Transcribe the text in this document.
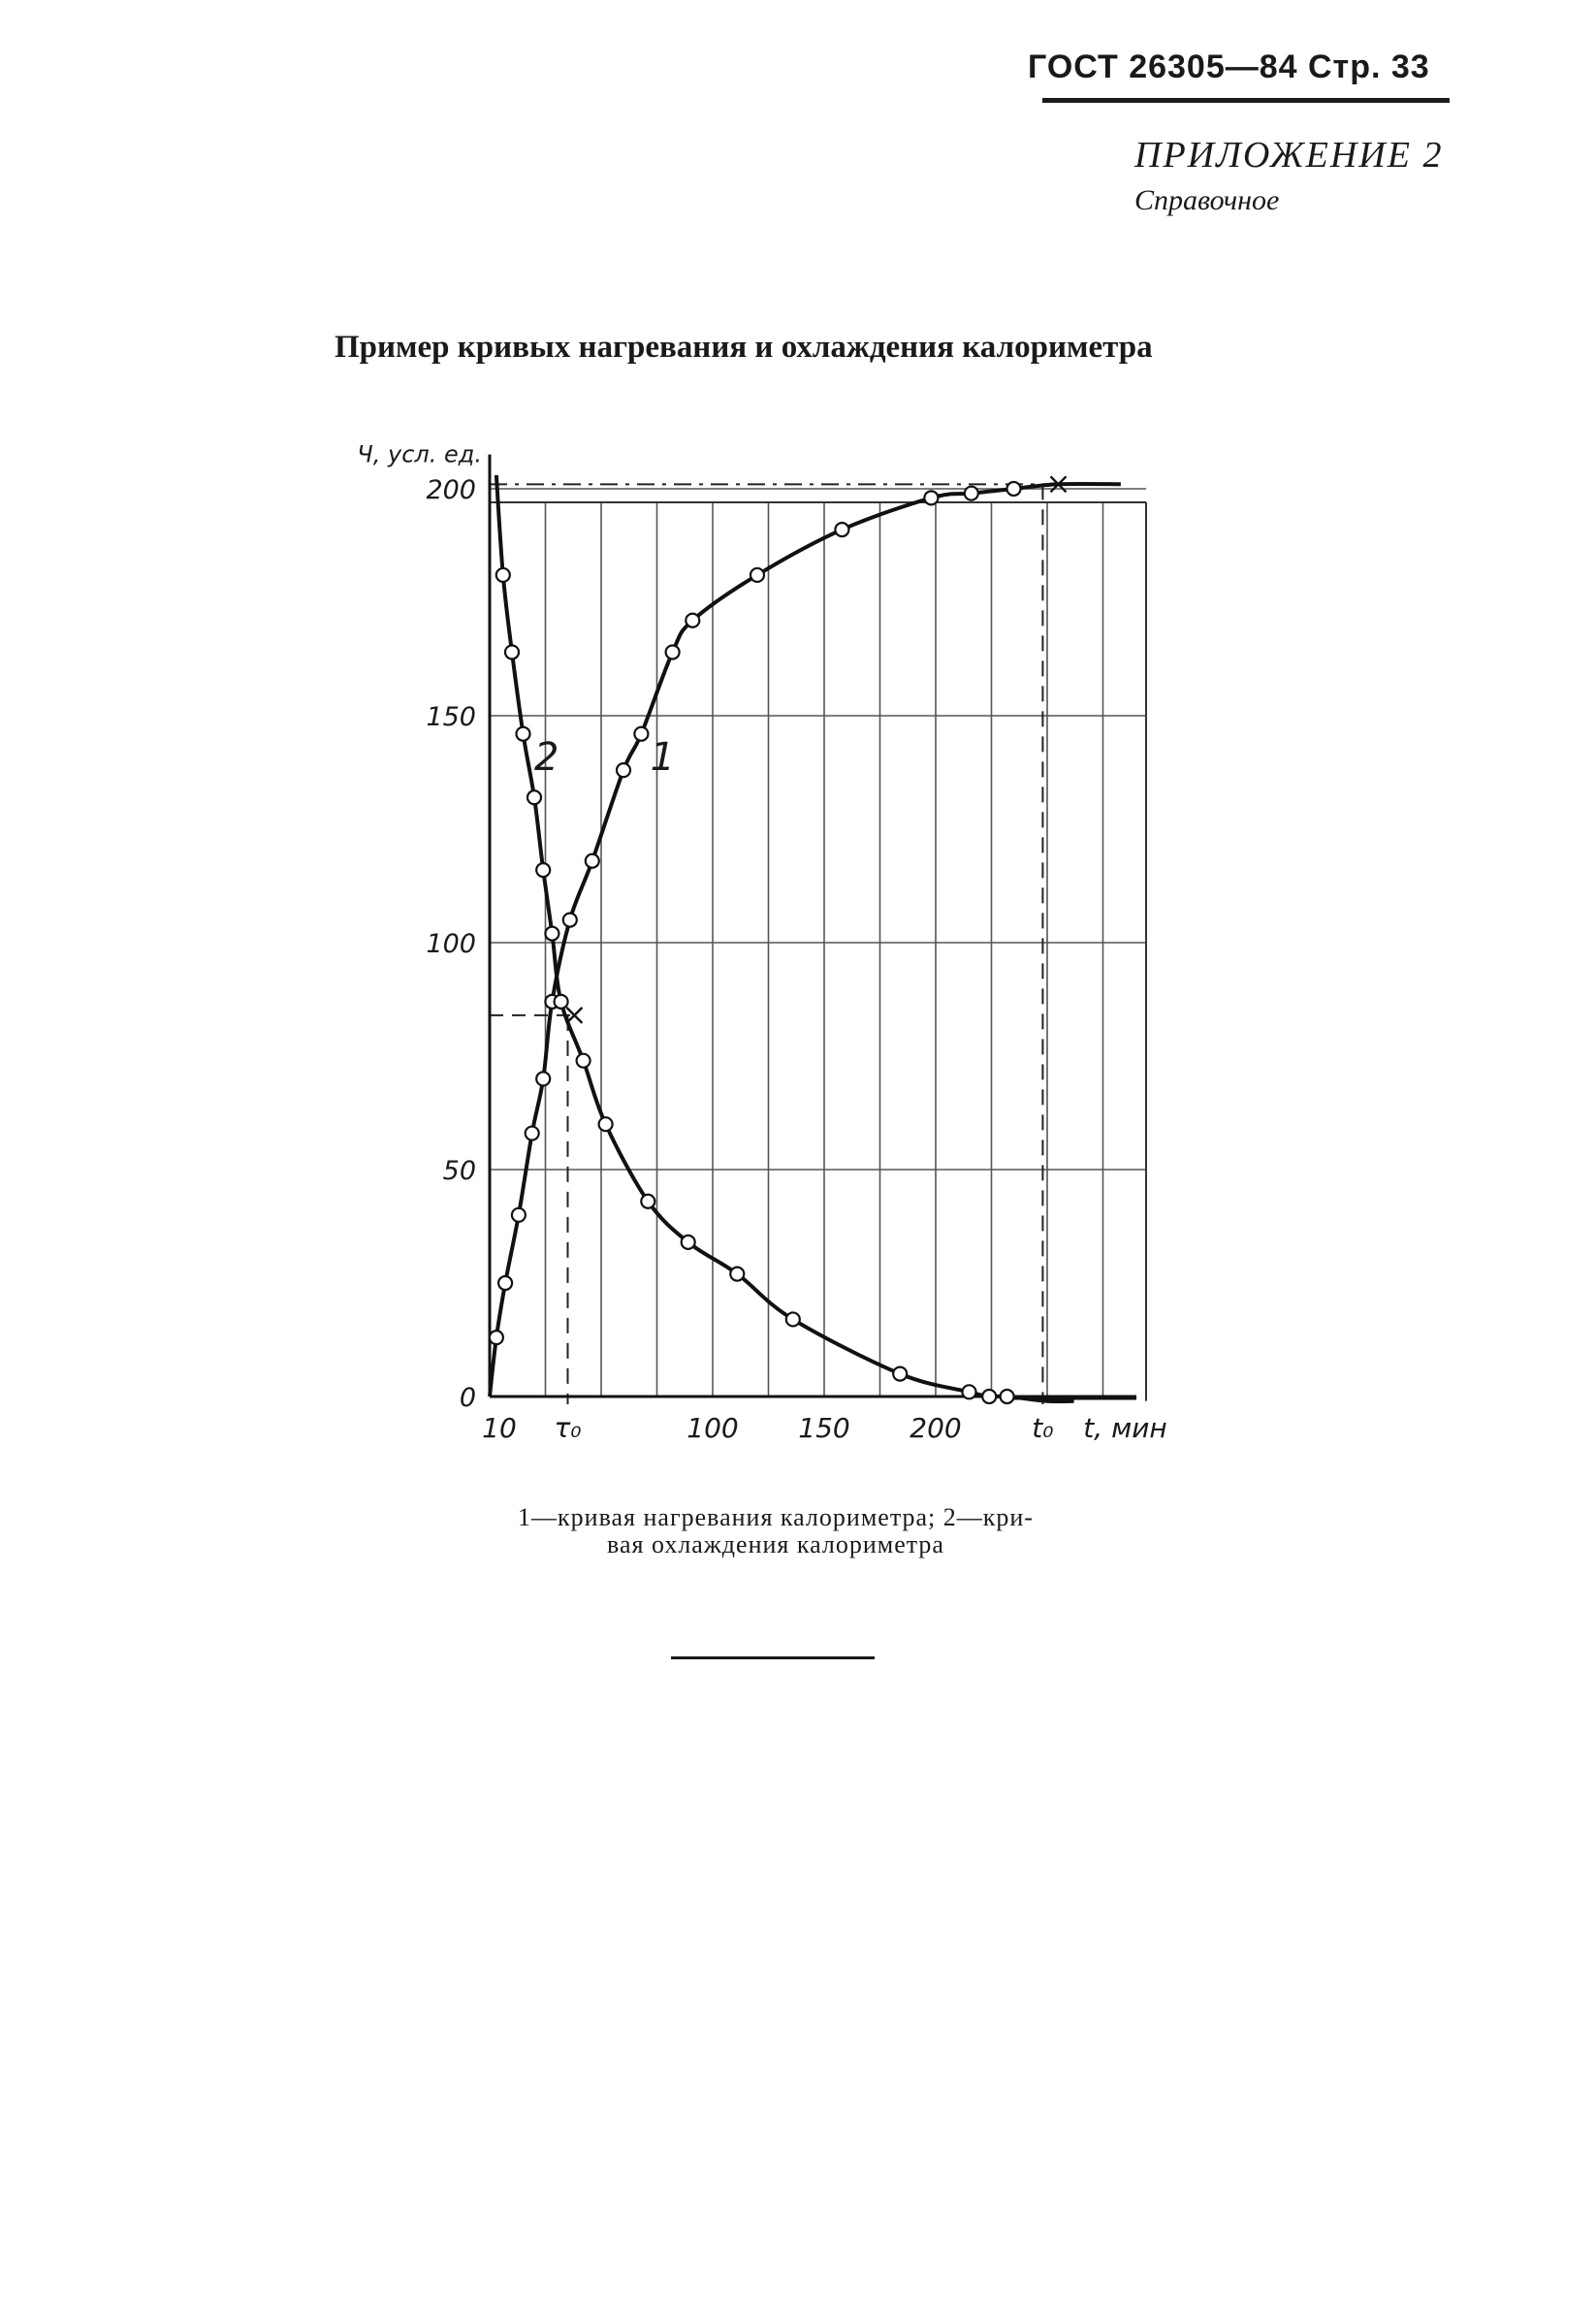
ГОСТ 26305—84 Стр. 33
ПРИЛОЖЕНИЕ 2
Справочное
Пример кривых нагревания и охлаждения калориметра
1
2
0
50
100
150
200
Ч, усл. ед.
10 τ₀	100 150 200	t₀ t, мин
1—кривая нагревания калориметра; 2—кри-
вая охлаждения калориметра
